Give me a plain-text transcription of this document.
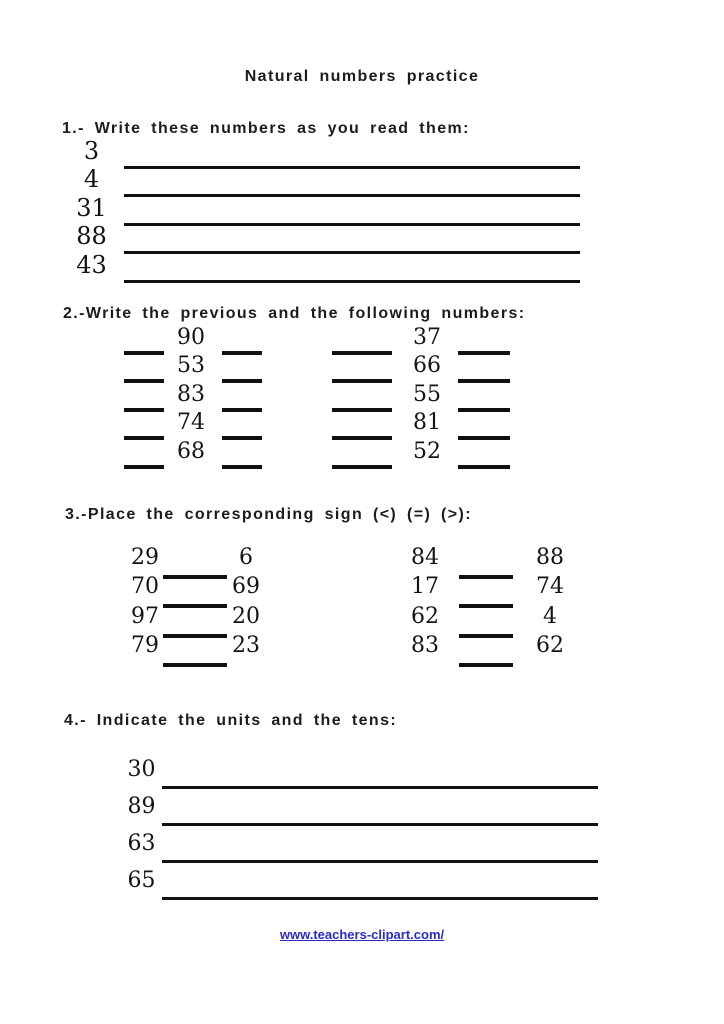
Natural numbers practice
1.- Write these numbers as you read them:
3
4
31
88
43
2.-Write the previous and the following numbers:
90	37
53	66
83	55
74	81
68	52
3.-Place the corresponding sign (<) (=) (>):
29	6	84	88
70	69	17	74
97	20	62	4
79	23	83	62
4.- Indicate the units and the tens:
30
89
63
65
www.teachers-clipart.com/
